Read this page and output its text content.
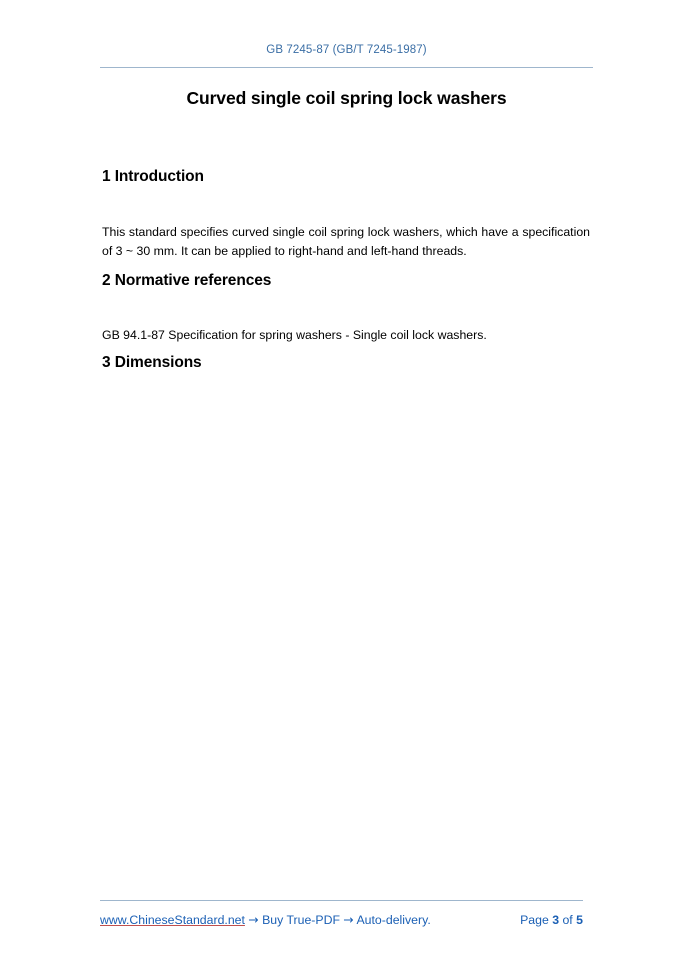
GB 7245-87 (GB/T 7245-1987)
Curved single coil spring lock washers
1 Introduction

This standard specifies curved single coil spring lock washers, which have a specification of 3 ~ 30 mm. It can be applied to right-hand and left-hand threads.

2 Normative references

GB 94.1-87 Specification for spring washers - Single coil lock washers.

3 Dimensions
www.ChineseStandard.net → Buy True-PDF → Auto-delivery.	Page 3 of 5
